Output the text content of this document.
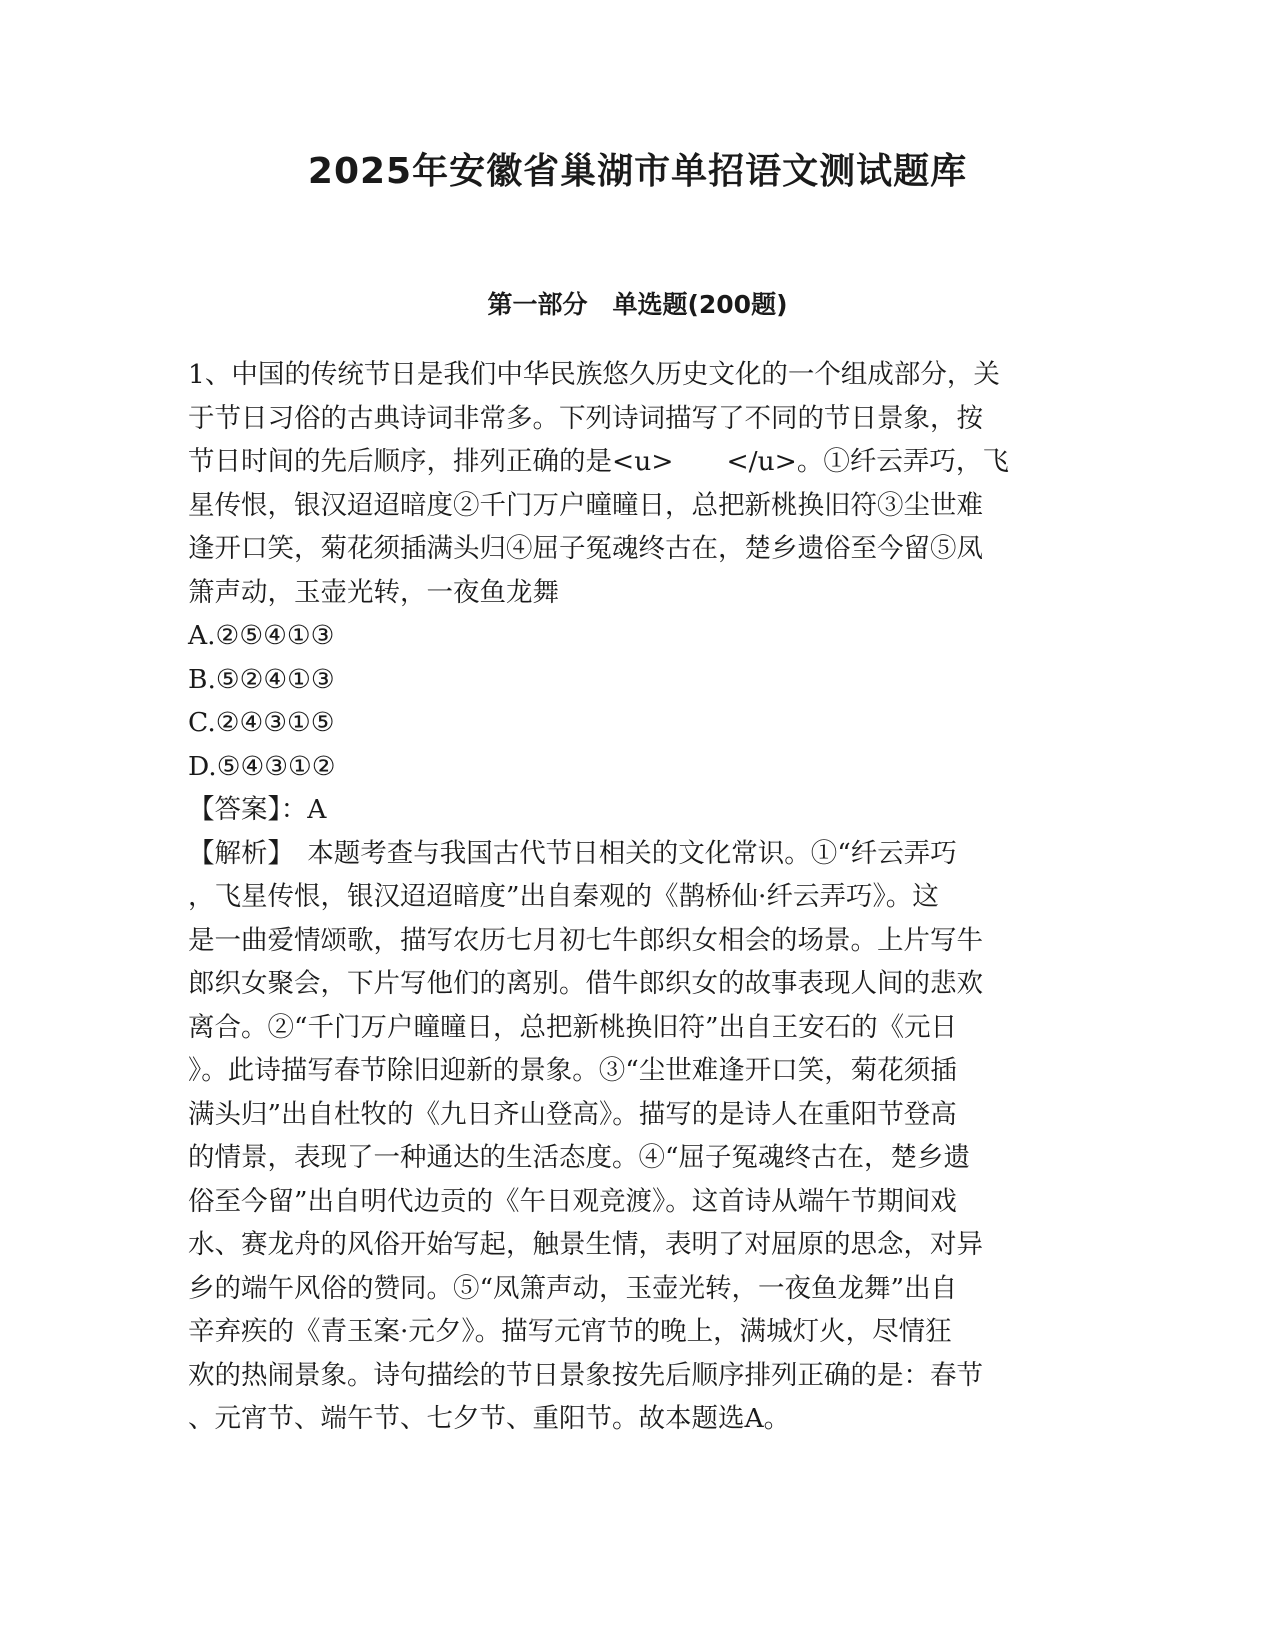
2025年安徽省巢湖市单招语文测试题库
第一部分　单选题(200题)
1、中国的传统节日是我们中华民族悠久历史文化的一个组成部分，关
于节日习俗的古典诗词非常多。下列诗词描写了不同的节日景象，按
节日时间的先后顺序，排列正确的是<u>　　</u>。①纤云弄巧，飞
星传恨，银汉迢迢暗度②千门万户曈曈日，总把新桃换旧符③尘世难
逢开口笑，菊花须插满头归④屈子冤魂终古在，楚乡遗俗至今留⑤凤
箫声动，玉壶光转，一夜鱼龙舞
A.②⑤④①③
B.⑤②④①③
C.②④③①⑤
D.⑤④③①②
【答案】：A
【解析】　本题考查与我国古代节日相关的文化常识。①“纤云弄巧
，飞星传恨，银汉迢迢暗度”出自秦观的《鹊桥仙·纤云弄巧》。这
是一曲爱情颂歌，描写农历七月初七牛郎织女相会的场景。上片写牛
郎织女聚会，下片写他们的离别。借牛郎织女的故事表现人间的悲欢
离合。②“千门万户曈曈日，总把新桃换旧符”出自王安石的《元日
》。此诗描写春节除旧迎新的景象。③“尘世难逢开口笑，菊花须插
满头归”出自杜牧的《九日齐山登高》。描写的是诗人在重阳节登高
的情景，表现了一种通达的生活态度。④“屈子冤魂终古在，楚乡遗
俗至今留”出自明代边贡的《午日观竞渡》。这首诗从端午节期间戏
水、赛龙舟的风俗开始写起，触景生情，表明了对屈原的思念，对异
乡的端午风俗的赞同。⑤“凤箫声动，玉壶光转，一夜鱼龙舞”出自
辛弃疾的《青玉案·元夕》。描写元宵节的晚上，满城灯火，尽情狂
欢的热闹景象。诗句描绘的节日景象按先后顺序排列正确的是：春节
、元宵节、端午节、七夕节、重阳节。故本题选A。
